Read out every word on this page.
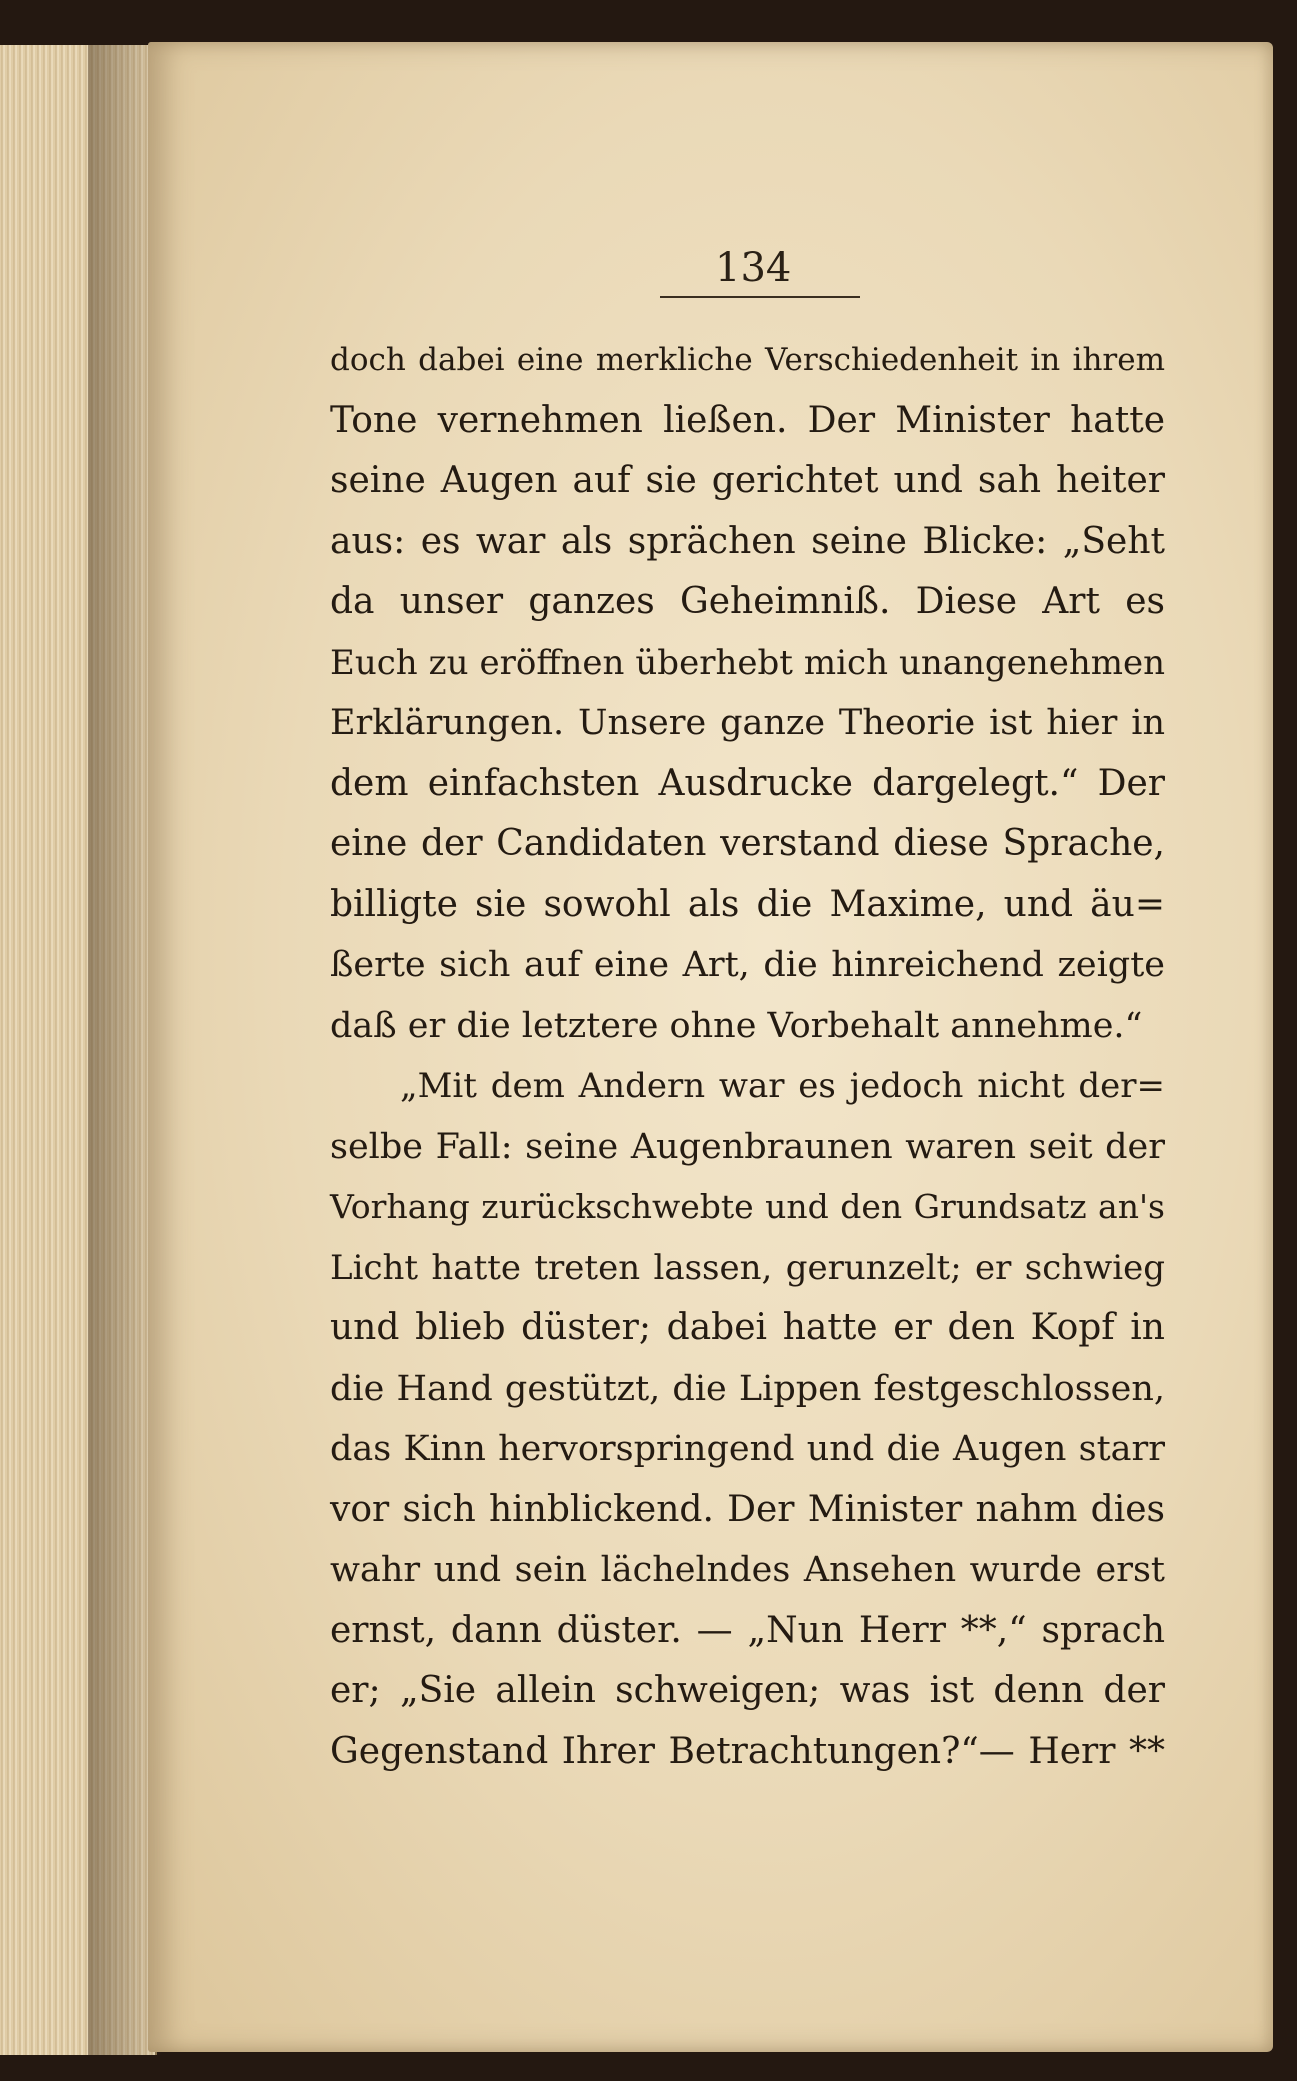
134
doch dabei eine merkliche Verschiedenheit in ihrem
Tone vernehmen ließen. Der Minister hatte
seine Augen auf sie gerichtet und sah heiter
aus: es war als sprächen seine Blicke: „Seht
da unser ganzes Geheimniß. Diese Art es
Euch zu eröffnen überhebt mich unangenehmen
Erklärungen. Unsere ganze Theorie ist hier in
dem einfachsten Ausdrucke dargelegt.“ Der
eine der Candidaten verstand diese Sprache,
billigte sie sowohl als die Maxime, und äu=
ßerte sich auf eine Art, die hinreichend zeigte
daß er die letztere ohne Vorbehalt annehme.“
„Mit dem Andern war es jedoch nicht der=
selbe Fall: seine Augenbraunen waren seit der
Vorhang zurückschwebte und den Grundsatz an's
Licht hatte treten lassen, gerunzelt; er schwieg
und blieb düster; dabei hatte er den Kopf in
die Hand gestützt, die Lippen festgeschlossen,
das Kinn hervorspringend und die Augen starr
vor sich hinblickend. Der Minister nahm dies
wahr und sein lächelndes Ansehen wurde erst
ernst, dann düster. — „Nun Herr **,“ sprach
er; „Sie allein schweigen; was ist denn der
Gegenstand Ihrer Betrachtungen?“— Herr **
